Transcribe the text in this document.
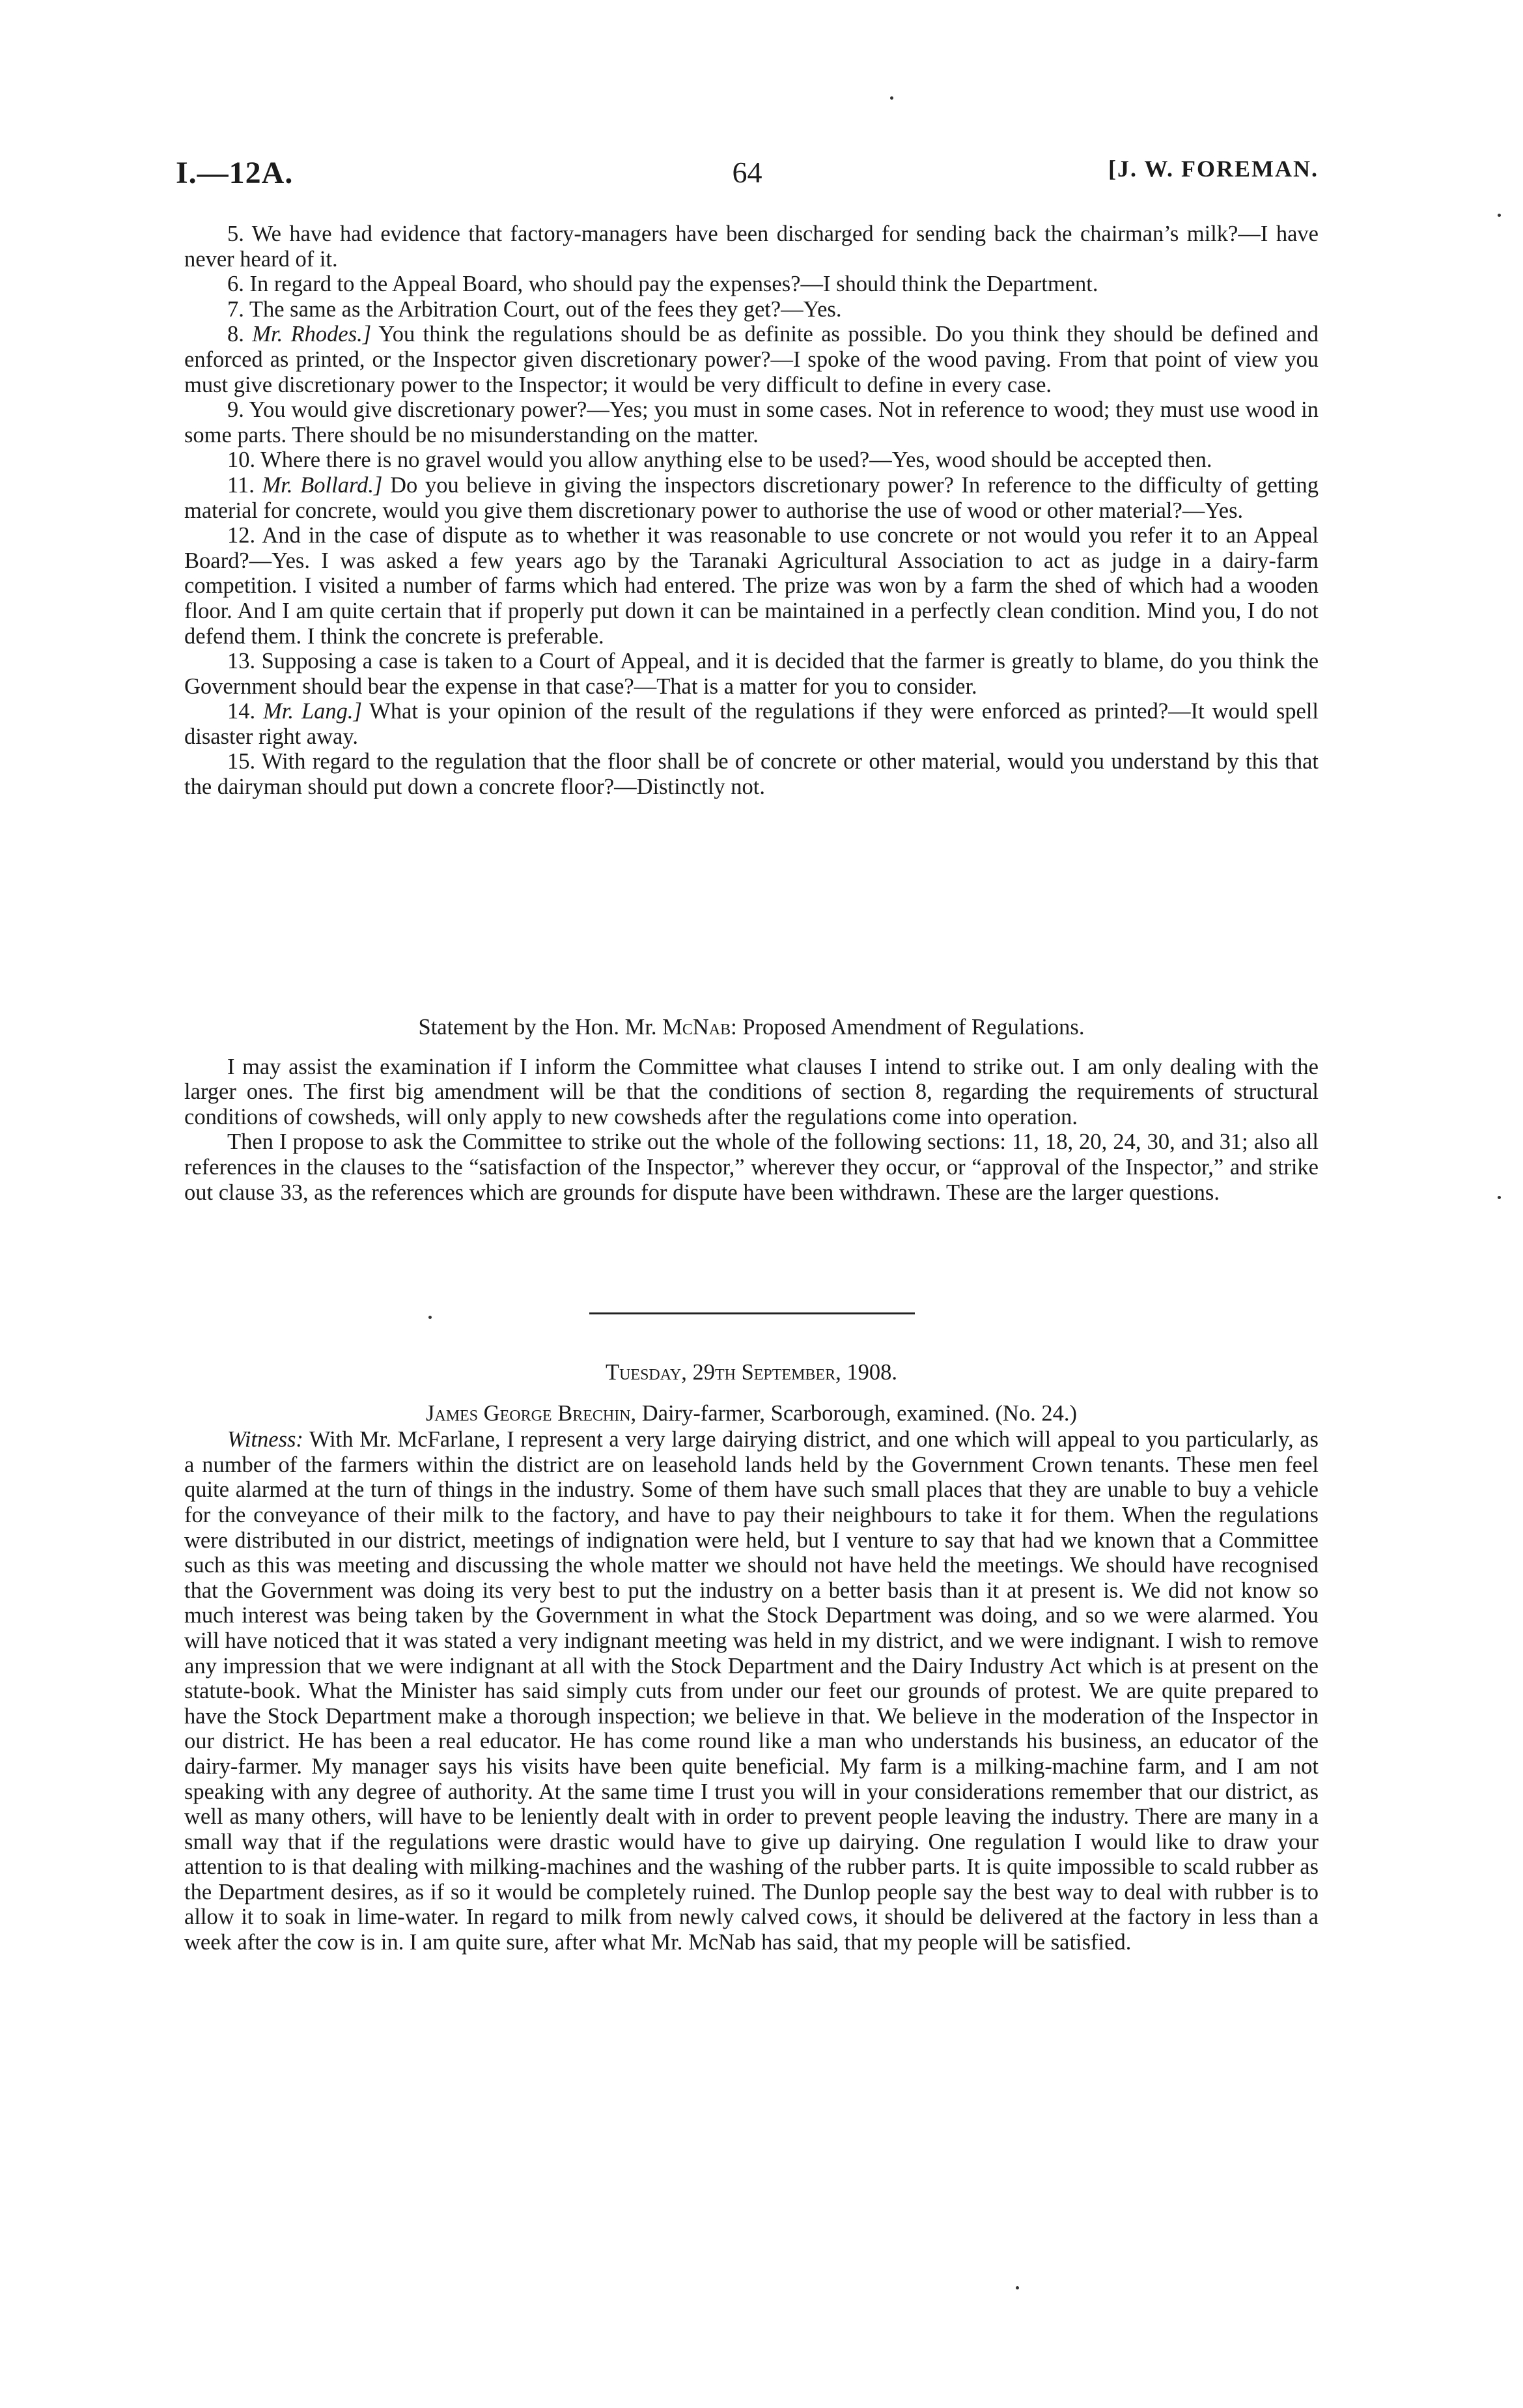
I.—12A.	64	[J. W. FOREMAN.

5. We have had evidence that factory-managers have been discharged for sending back the chairman’s milk?—I have never heard of it.

6. In regard to the Appeal Board, who should pay the expenses?—I should think the Department.

7. The same as the Arbitration Court, out of the fees they get?—Yes.

8. Mr. Rhodes.] You think the regulations should be as definite as possible. Do you think they should be defined and enforced as printed, or the Inspector given discretionary power?—I spoke of the wood paving. From that point of view you must give discretionary power to the Inspector; it would be very difficult to define in every case.

9. You would give discretionary power?—Yes; you must in some cases. Not in reference to wood; they must use wood in some parts. There should be no misunderstanding on the matter.

10. Where there is no gravel would you allow anything else to be used?—Yes, wood should be accepted then.

11. Mr. Bollard.] Do you believe in giving the inspectors discretionary power? In reference to the difficulty of getting material for concrete, would you give them discretionary power to authorise the use of wood or other material?—Yes.

12. And in the case of dispute as to whether it was reasonable to use concrete or not would you refer it to an Appeal Board?—Yes. I was asked a few years ago by the Taranaki Agricultural Association to act as judge in a dairy-farm competition. I visited a number of farms which had entered. The prize was won by a farm the shed of which had a wooden floor. And I am quite certain that if properly put down it can be maintained in a perfectly clean condition. Mind you, I do not defend them. I think the concrete is preferable.

13. Supposing a case is taken to a Court of Appeal, and it is decided that the farmer is greatly to blame, do you think the Government should bear the expense in that case?—That is a matter for you to consider.

14. Mr. Lang.] What is your opinion of the result of the regulations if they were enforced as printed?—It would spell disaster right away.

15. With regard to the regulation that the floor shall be of concrete or other material, would you understand by this that the dairyman should put down a concrete floor?—Distinctly not.

Statement by the Hon. Mr. McNab: Proposed Amendment of Regulations.

I may assist the examination if I inform the Committee what clauses I intend to strike out. I am only dealing with the larger ones. The first big amendment will be that the conditions of section 8, regarding the requirements of structural conditions of cowsheds, will only apply to new cowsheds after the regulations come into operation.

Then I propose to ask the Committee to strike out the whole of the following sections: 11, 18, 20, 24, 30, and 31; also all references in the clauses to the “satisfaction of the Inspector,” wherever they occur, or “approval of the Inspector,” and strike out clause 33, as the references which are grounds for dispute have been withdrawn. These are the larger questions.

Tuesday, 29th September, 1908.

James George Brechin, Dairy-farmer, Scarborough, examined. (No. 24.)

Witness: With Mr. McFarlane, I represent a very large dairying district, and one which will appeal to you particularly, as a number of the farmers within the district are on leasehold lands held by the Government Crown tenants. These men feel quite alarmed at the turn of things in the industry. Some of them have such small places that they are unable to buy a vehicle for the conveyance of their milk to the factory, and have to pay their neighbours to take it for them. When the regulations were distributed in our district, meetings of indignation were held, but I venture to say that had we known that a Committee such as this was meeting and discussing the whole matter we should not have held the meetings. We should have recognised that the Government was doing its very best to put the industry on a better basis than it at present is. We did not know so much interest was being taken by the Government in what the Stock Department was doing, and so we were alarmed. You will have noticed that it was stated a very indignant meeting was held in my district, and we were indignant. I wish to remove any impression that we were indignant at all with the Stock Department and the Dairy Industry Act which is at present on the statute-book. What the Minister has said simply cuts from under our feet our grounds of protest. We are quite prepared to have the Stock Department make a thorough inspection; we believe in that. We believe in the moderation of the Inspector in our district. He has been a real educator. He has come round like a man who understands his business, an educator of the dairy-farmer. My manager says his visits have been quite beneficial. My farm is a milking-machine farm, and I am not speaking with any degree of authority. At the same time I trust you will in your considerations remember that our district, as well as many others, will have to be leniently dealt with in order to prevent people leaving the industry. There are many in a small way that if the regulations were drastic would have to give up dairying. One regulation I would like to draw your attention to is that dealing with milking-machines and the washing of the rubber parts. It is quite impossible to scald rubber as the Department desires, as if so it would be completely ruined. The Dunlop people say the best way to deal with rubber is to allow it to soak in lime-water. In regard to milk from newly calved cows, it should be delivered at the factory in less than a week after the cow is in. I am quite sure, after what Mr. McNab has said, that my people will be satisfied.
